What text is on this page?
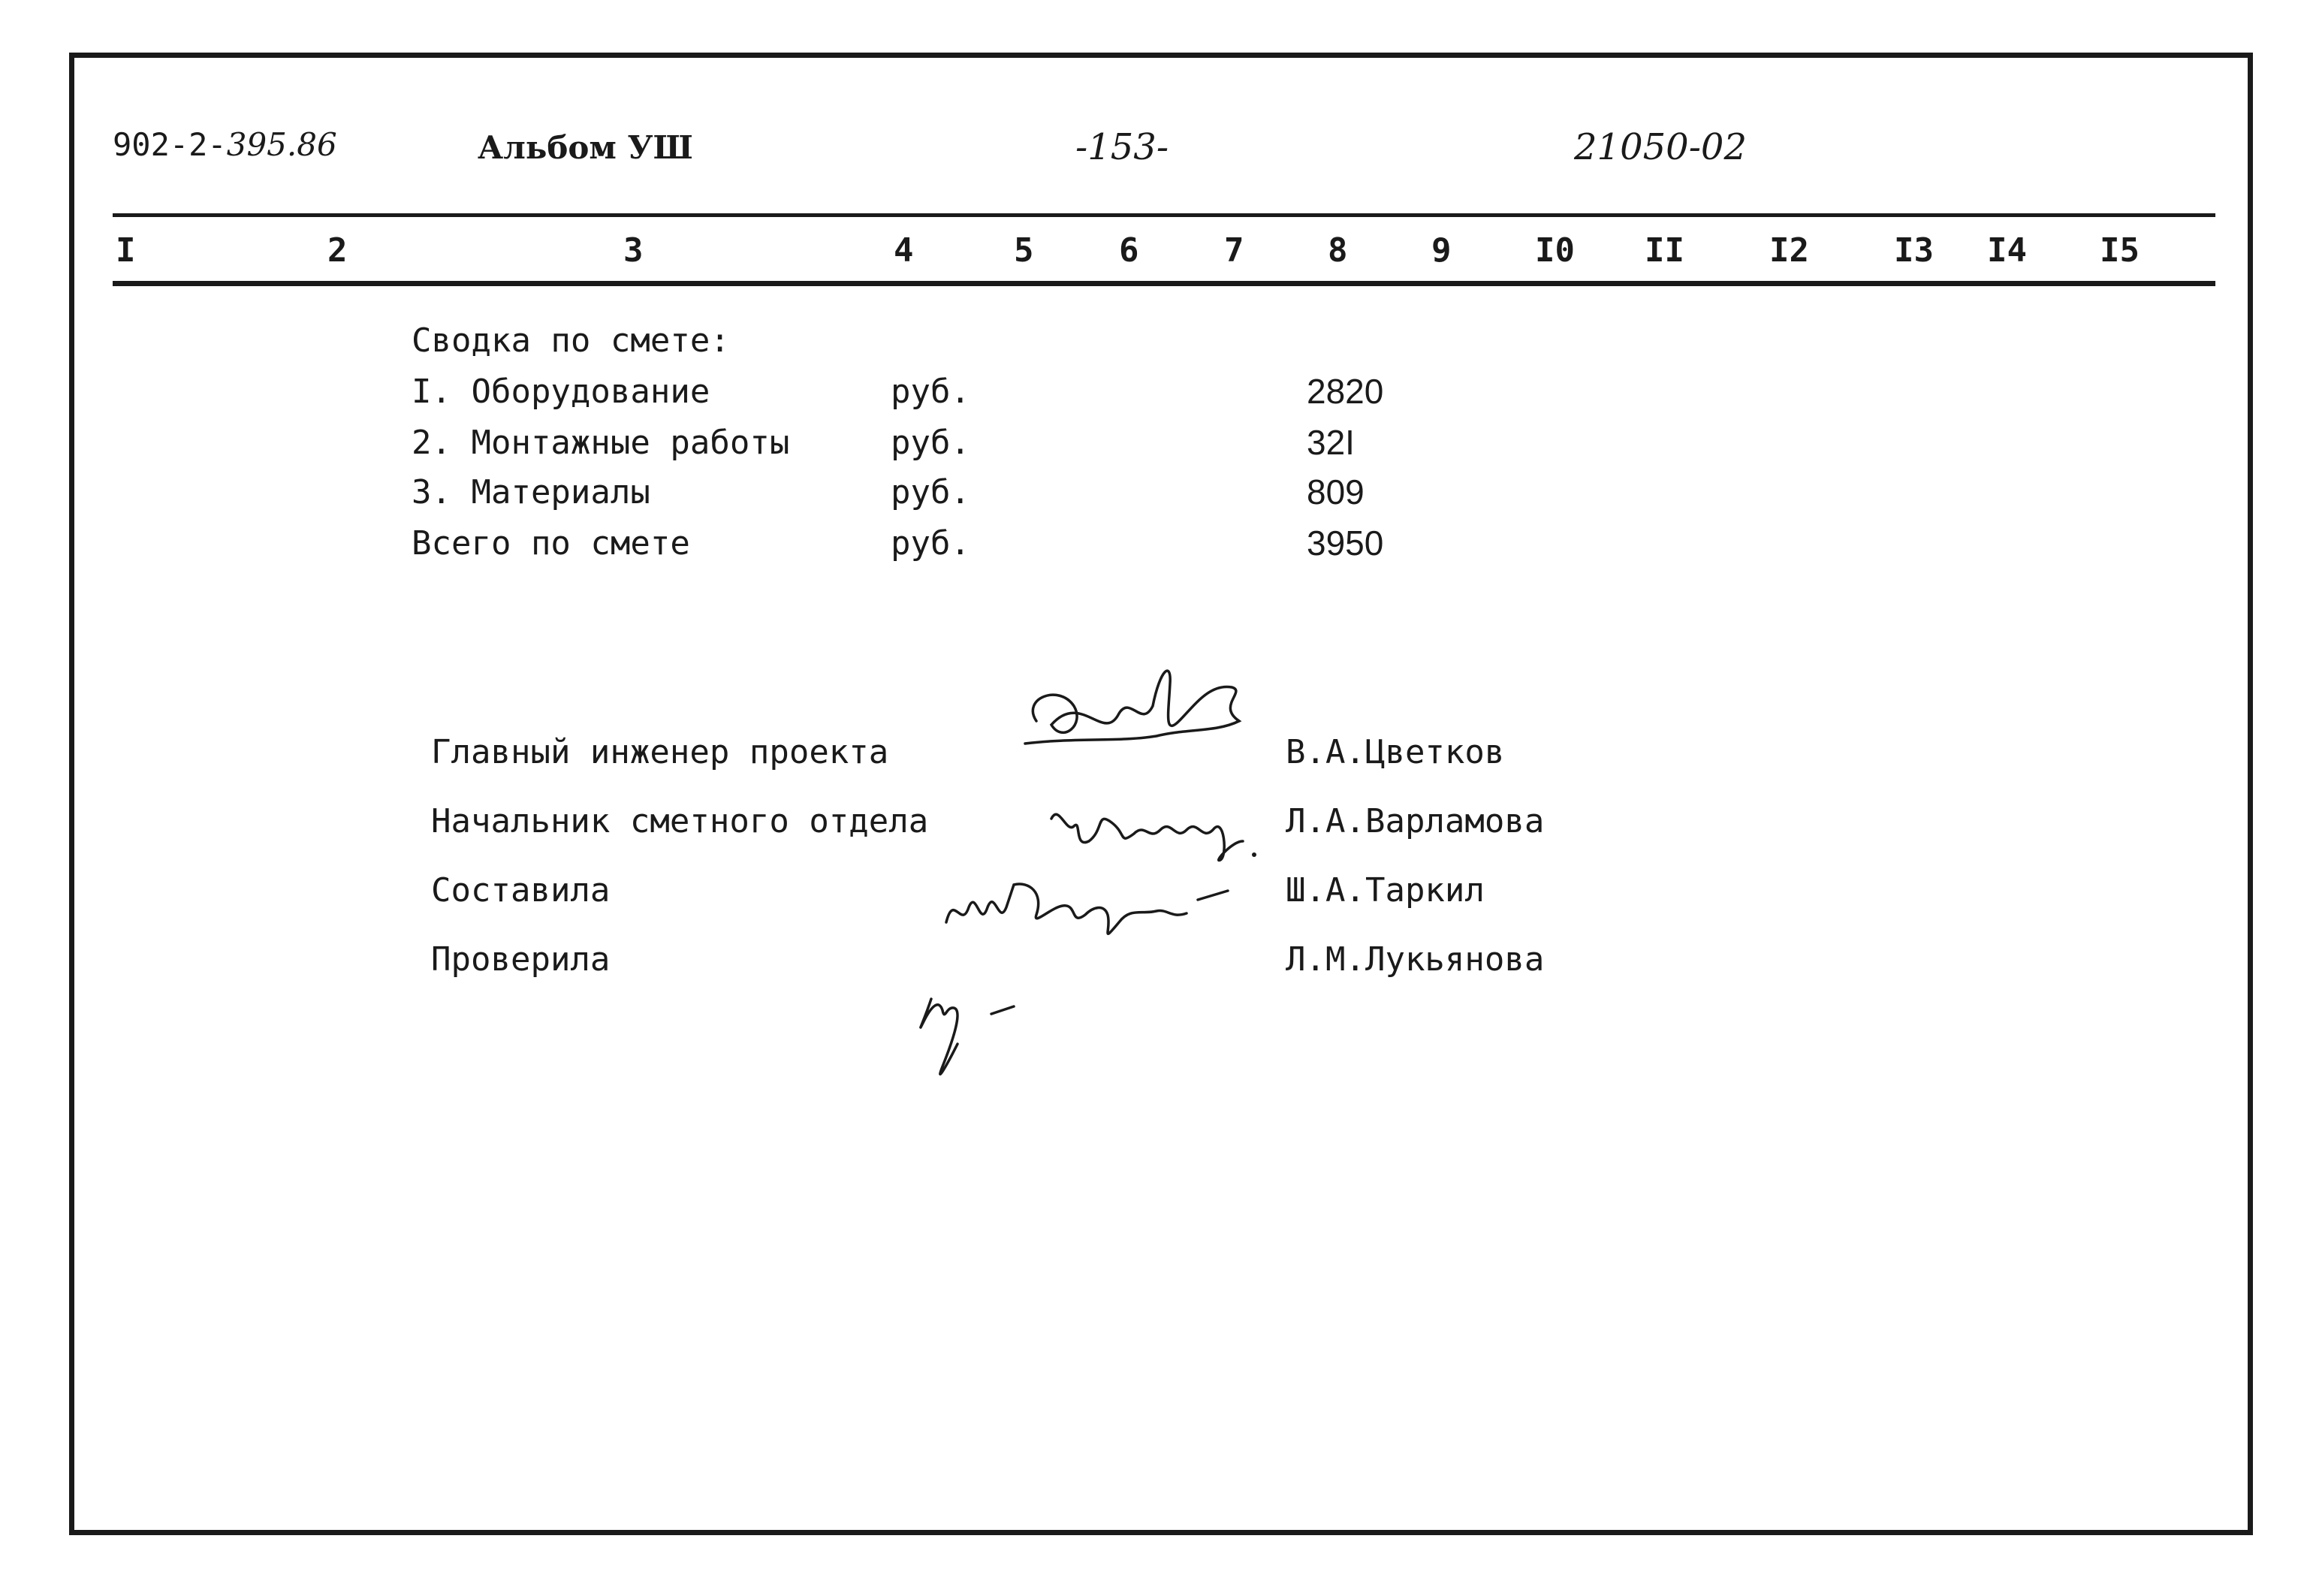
902-2-395.86	Альбом УШ	-153-	21050-02
I	2	3	4	5	6	7	8	9	I0 II	I2	I3 I4 I5
Сводка по смете:
I. Оборудование	руб.	2820
2. Монтажные работы	руб.	32I
3. Материалы	руб.	809
Всего по смете	руб.	3950
Главный инженер проекта	В.А.Цветков
Начальник сметного отдела	Л.А.Варламова
Составила	Ш.А.Таркил
Проверила	Л.М.Лукьянова
